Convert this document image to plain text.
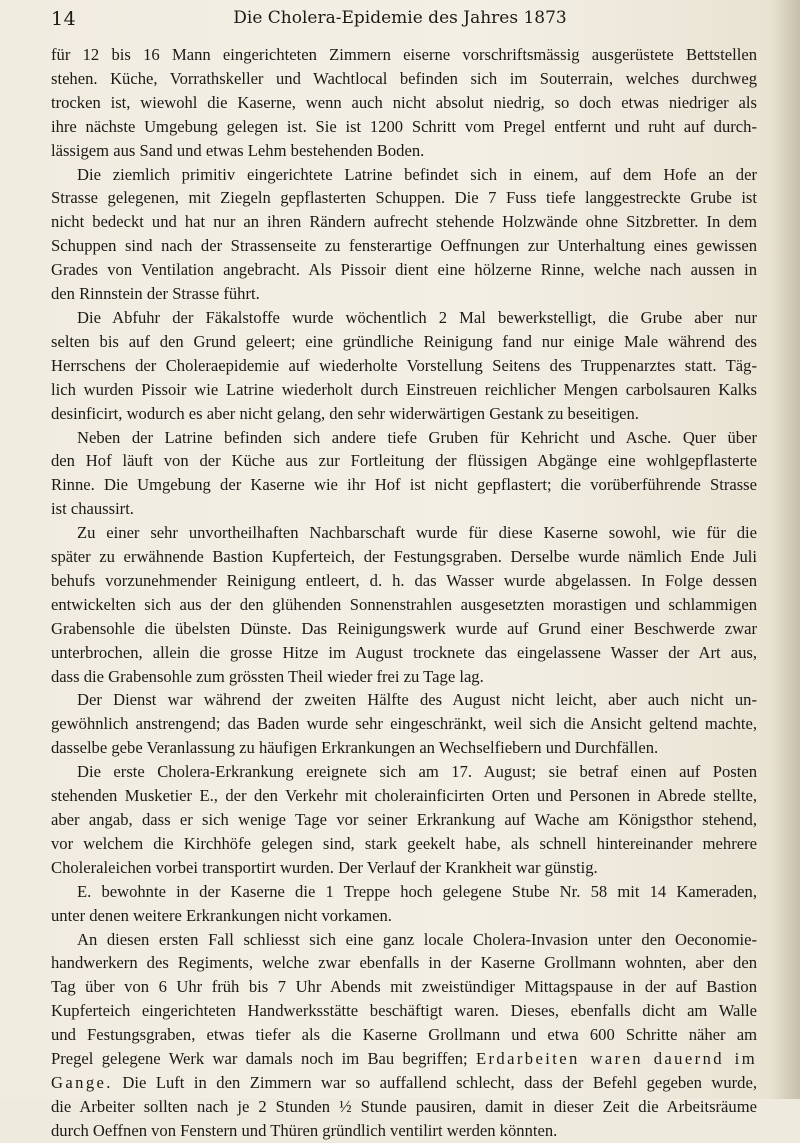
14	Die Cholera-Epidemie des Jahres 1873
für 12 bis 16 Mann eingerichteten Zimmern eiserne vorschriftsmässig ausgerüstete Bettstellen
stehen. Küche, Vorrathskeller und Wachtlocal befinden sich im Souterrain, welches durchweg
trocken ist, wiewohl die Kaserne, wenn auch nicht absolut niedrig, so doch etwas niedriger als
ihre nächste Umgebung gelegen ist. Sie ist 1200 Schritt vom Pregel entfernt und ruht auf durch-
lässigem aus Sand und etwas Lehm bestehenden Boden.
Die ziemlich primitiv eingerichtete Latrine befindet sich in einem, auf dem Hofe an der
Strasse gelegenen, mit Ziegeln gepflasterten Schuppen. Die 7 Fuss tiefe langgestreckte Grube ist
nicht bedeckt und hat nur an ihren Rändern aufrecht stehende Holzwände ohne Sitzbretter. In dem
Schuppen sind nach der Strassenseite zu fensterartige Oeffnungen zur Unterhaltung eines gewissen
Grades von Ventilation angebracht. Als Pissoir dient eine hölzerne Rinne, welche nach aussen in
den Rinnstein der Strasse führt.
Die Abfuhr der Fäkalstoffe wurde wöchentlich 2 Mal bewerkstelligt, die Grube aber nur
selten bis auf den Grund geleert; eine gründliche Reinigung fand nur einige Male während des
Herrschens der Choleraepidemie auf wiederholte Vorstellung Seitens des Truppenarztes statt. Täg-
lich wurden Pissoir wie Latrine wiederholt durch Einstreuen reichlicher Mengen carbolsauren Kalks
desinficirt, wodurch es aber nicht gelang, den sehr widerwärtigen Gestank zu beseitigen.
Neben der Latrine befinden sich andere tiefe Gruben für Kehricht und Asche. Quer über
den Hof läuft von der Küche aus zur Fortleitung der flüssigen Abgänge eine wohlgepflasterte
Rinne. Die Umgebung der Kaserne wie ihr Hof ist nicht gepflastert; die vorüberführende Strasse
ist chaussirt.
Zu einer sehr unvortheilhaften Nachbarschaft wurde für diese Kaserne sowohl, wie für die
später zu erwähnende Bastion Kupferteich, der Festungsgraben. Derselbe wurde nämlich Ende Juli
behufs vorzunehmender Reinigung entleert, d. h. das Wasser wurde abgelassen. In Folge dessen
entwickelten sich aus der den glühenden Sonnenstrahlen ausgesetzten morastigen und schlammigen
Grabensohle die übelsten Dünste. Das Reinigungswerk wurde auf Grund einer Beschwerde zwar
unterbrochen, allein die grosse Hitze im August trocknete das eingelassene Wasser der Art aus,
dass die Grabensohle zum grössten Theil wieder frei zu Tage lag.
Der Dienst war während der zweiten Hälfte des August nicht leicht, aber auch nicht un-
gewöhnlich anstrengend; das Baden wurde sehr eingeschränkt, weil sich die Ansicht geltend machte,
dasselbe gebe Veranlassung zu häufigen Erkrankungen an Wechselfiebern und Durchfällen.
Die erste Cholera-Erkrankung ereignete sich am 17. August; sie betraf einen auf Posten
stehenden Musketier E., der den Verkehr mit cholerainficirten Orten und Personen in Abrede stellte,
aber angab, dass er sich wenige Tage vor seiner Erkrankung auf Wache am Königsthor stehend,
vor welchem die Kirchhöfe gelegen sind, stark geekelt habe, als schnell hintereinander mehrere
Choleraleichen vorbei transportirt wurden. Der Verlauf der Krankheit war günstig.
E. bewohnte in der Kaserne die 1 Treppe hoch gelegene Stube Nr. 58 mit 14 Kameraden,
unter denen weitere Erkrankungen nicht vorkamen.
An diesen ersten Fall schliesst sich eine ganz locale Cholera-Invasion unter den Oeconomie-
handwerkern des Regiments, welche zwar ebenfalls in der Kaserne Grollmann wohnten, aber den
Tag über von 6 Uhr früh bis 7 Uhr Abends mit zweistündiger Mittagspause in der auf Bastion
Kupferteich eingerichteten Handwerksstätte beschäftigt waren. Dieses, ebenfalls dicht am Walle
und Festungsgraben, etwas tiefer als die Kaserne Grollmann und etwa 600 Schritte näher am
Pregel gelegene Werk war damals noch im Bau begriffen; Erdarbeiten waren dauernd im
Gange. Die Luft in den Zimmern war so auffallend schlecht, dass der Befehl gegeben wurde,
die Arbeiter sollten nach je 2 Stunden ½ Stunde pausiren, damit in dieser Zeit die Arbeitsräume
durch Oeffnen von Fenstern und Thüren gründlich ventilirt werden könnten.
